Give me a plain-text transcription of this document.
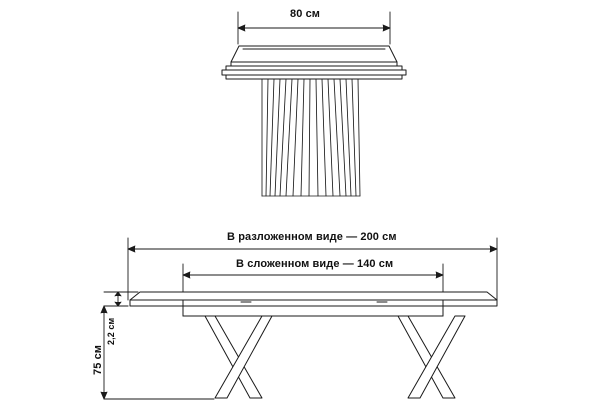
80 см
В разложенном виде — 200 см
В сложенном виде — 140 см
2,2 см
75 см
